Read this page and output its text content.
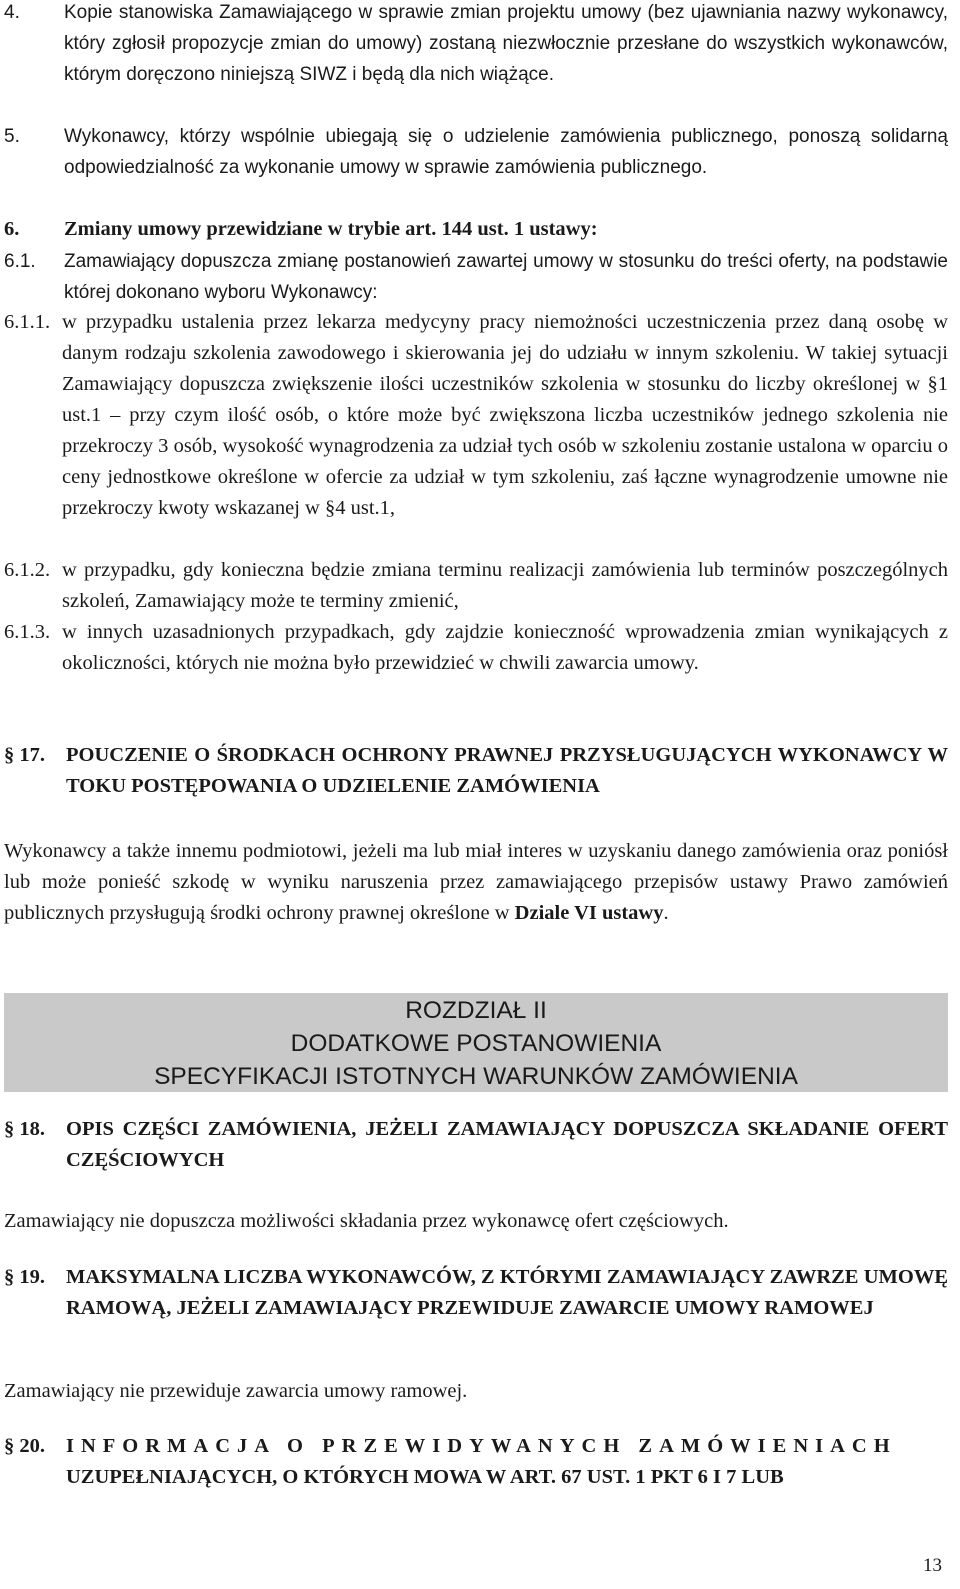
4.	Kopie stanowiska Zamawiającego w sprawie zmian projektu umowy (bez ujawniania nazwy wykonawcy, który zgłosił propozycje zmian do umowy) zostaną niezwłocznie przesłane do wszystkich wykonawców, którym doręczono niniejszą SIWZ i będą dla nich wiążące.
5.	Wykonawcy, którzy wspólnie ubiegają się o udzielenie zamówienia publicznego, ponoszą solidarną odpowiedzialność za wykonanie umowy w sprawie zamówienia publicznego.
6.	Zmiany umowy przewidziane w trybie art. 144 ust. 1 ustawy:
6.1.	Zamawiający dopuszcza zmianę postanowień zawartej umowy w stosunku do treści oferty, na podstawie której dokonano wyboru Wykonawcy:
6.1.1. w przypadku ustalenia przez lekarza medycyny pracy niemożności uczestniczenia przez daną osobę w danym rodzaju szkolenia zawodowego i skierowania jej do udziału w innym szkoleniu. W takiej sytuacji Zamawiający dopuszcza zwiększenie ilości uczestników szkolenia w stosunku do liczby określonej w §1 ust.1 – przy czym ilość osób, o które może być zwiększona liczba uczestników jednego szkolenia nie przekroczy 3 osób, wysokość wynagrodzenia za udział tych osób w szkoleniu zostanie ustalona w oparciu o ceny jednostkowe określone w ofercie za udział w tym szkoleniu, zaś łączne wynagrodzenie umowne nie przekroczy kwoty wskazanej w §4 ust.1,
6.1.2. w przypadku, gdy konieczna będzie zmiana terminu realizacji zamówienia lub terminów poszczególnych szkoleń, Zamawiający może te terminy zmienić,
6.1.3. w innych uzasadnionych przypadkach, gdy zajdzie konieczność wprowadzenia zmian wynikających z okoliczności, których nie można było przewidzieć w chwili zawarcia umowy.
§ 17.	POUCZENIE O ŚRODKACH OCHRONY PRAWNEJ PRZYSŁUGUJĄCYCH WYKONAWCY W TOKU POSTĘPOWANIA O UDZIELENIE ZAMÓWIENIA

Wykonawcy a także innemu podmiotowi, jeżeli ma lub miał interes w uzyskaniu danego zamówienia oraz poniósł lub może ponieść szkodę w wyniku naruszenia przez zamawiającego przepisów ustawy Prawo zamówień publicznych przysługują środki ochrony prawnej określone w Dziale VI ustawy.

ROZDZIAŁ II
DODATKOWE POSTANOWIENIA
SPECYFIKACJI ISTOTNYCH WARUNKÓW ZAMÓWIENIA
§ 18.	OPIS CZĘŚCI ZAMÓWIENIA, JEŻELI ZAMAWIAJĄCY DOPUSZCZA SKŁADANIE OFERT CZĘŚCIOWYCH

Zamawiający nie dopuszcza możliwości składania przez wykonawcę ofert częściowych.

§ 19.	MAKSYMALNA LICZBA WYKONAWCÓW, Z KTÓRYMI ZAMAWIAJĄCY ZAWRZE UMOWĘ RAMOWĄ, JEŻELI ZAMAWIAJĄCY PRZEWIDUJE ZAWARCIE UMOWY RAMOWEJ

Zamawiający nie przewiduje zawarcia umowy ramowej.

§ 20.	INFORMACJA O PRZEWIDYWANYCH ZAMÓWIENIACH
UZUPEŁNIAJĄCYCH, O KTÓRYCH MOWA W ART. 67 UST. 1 PKT 6 I 7 LUB
13
